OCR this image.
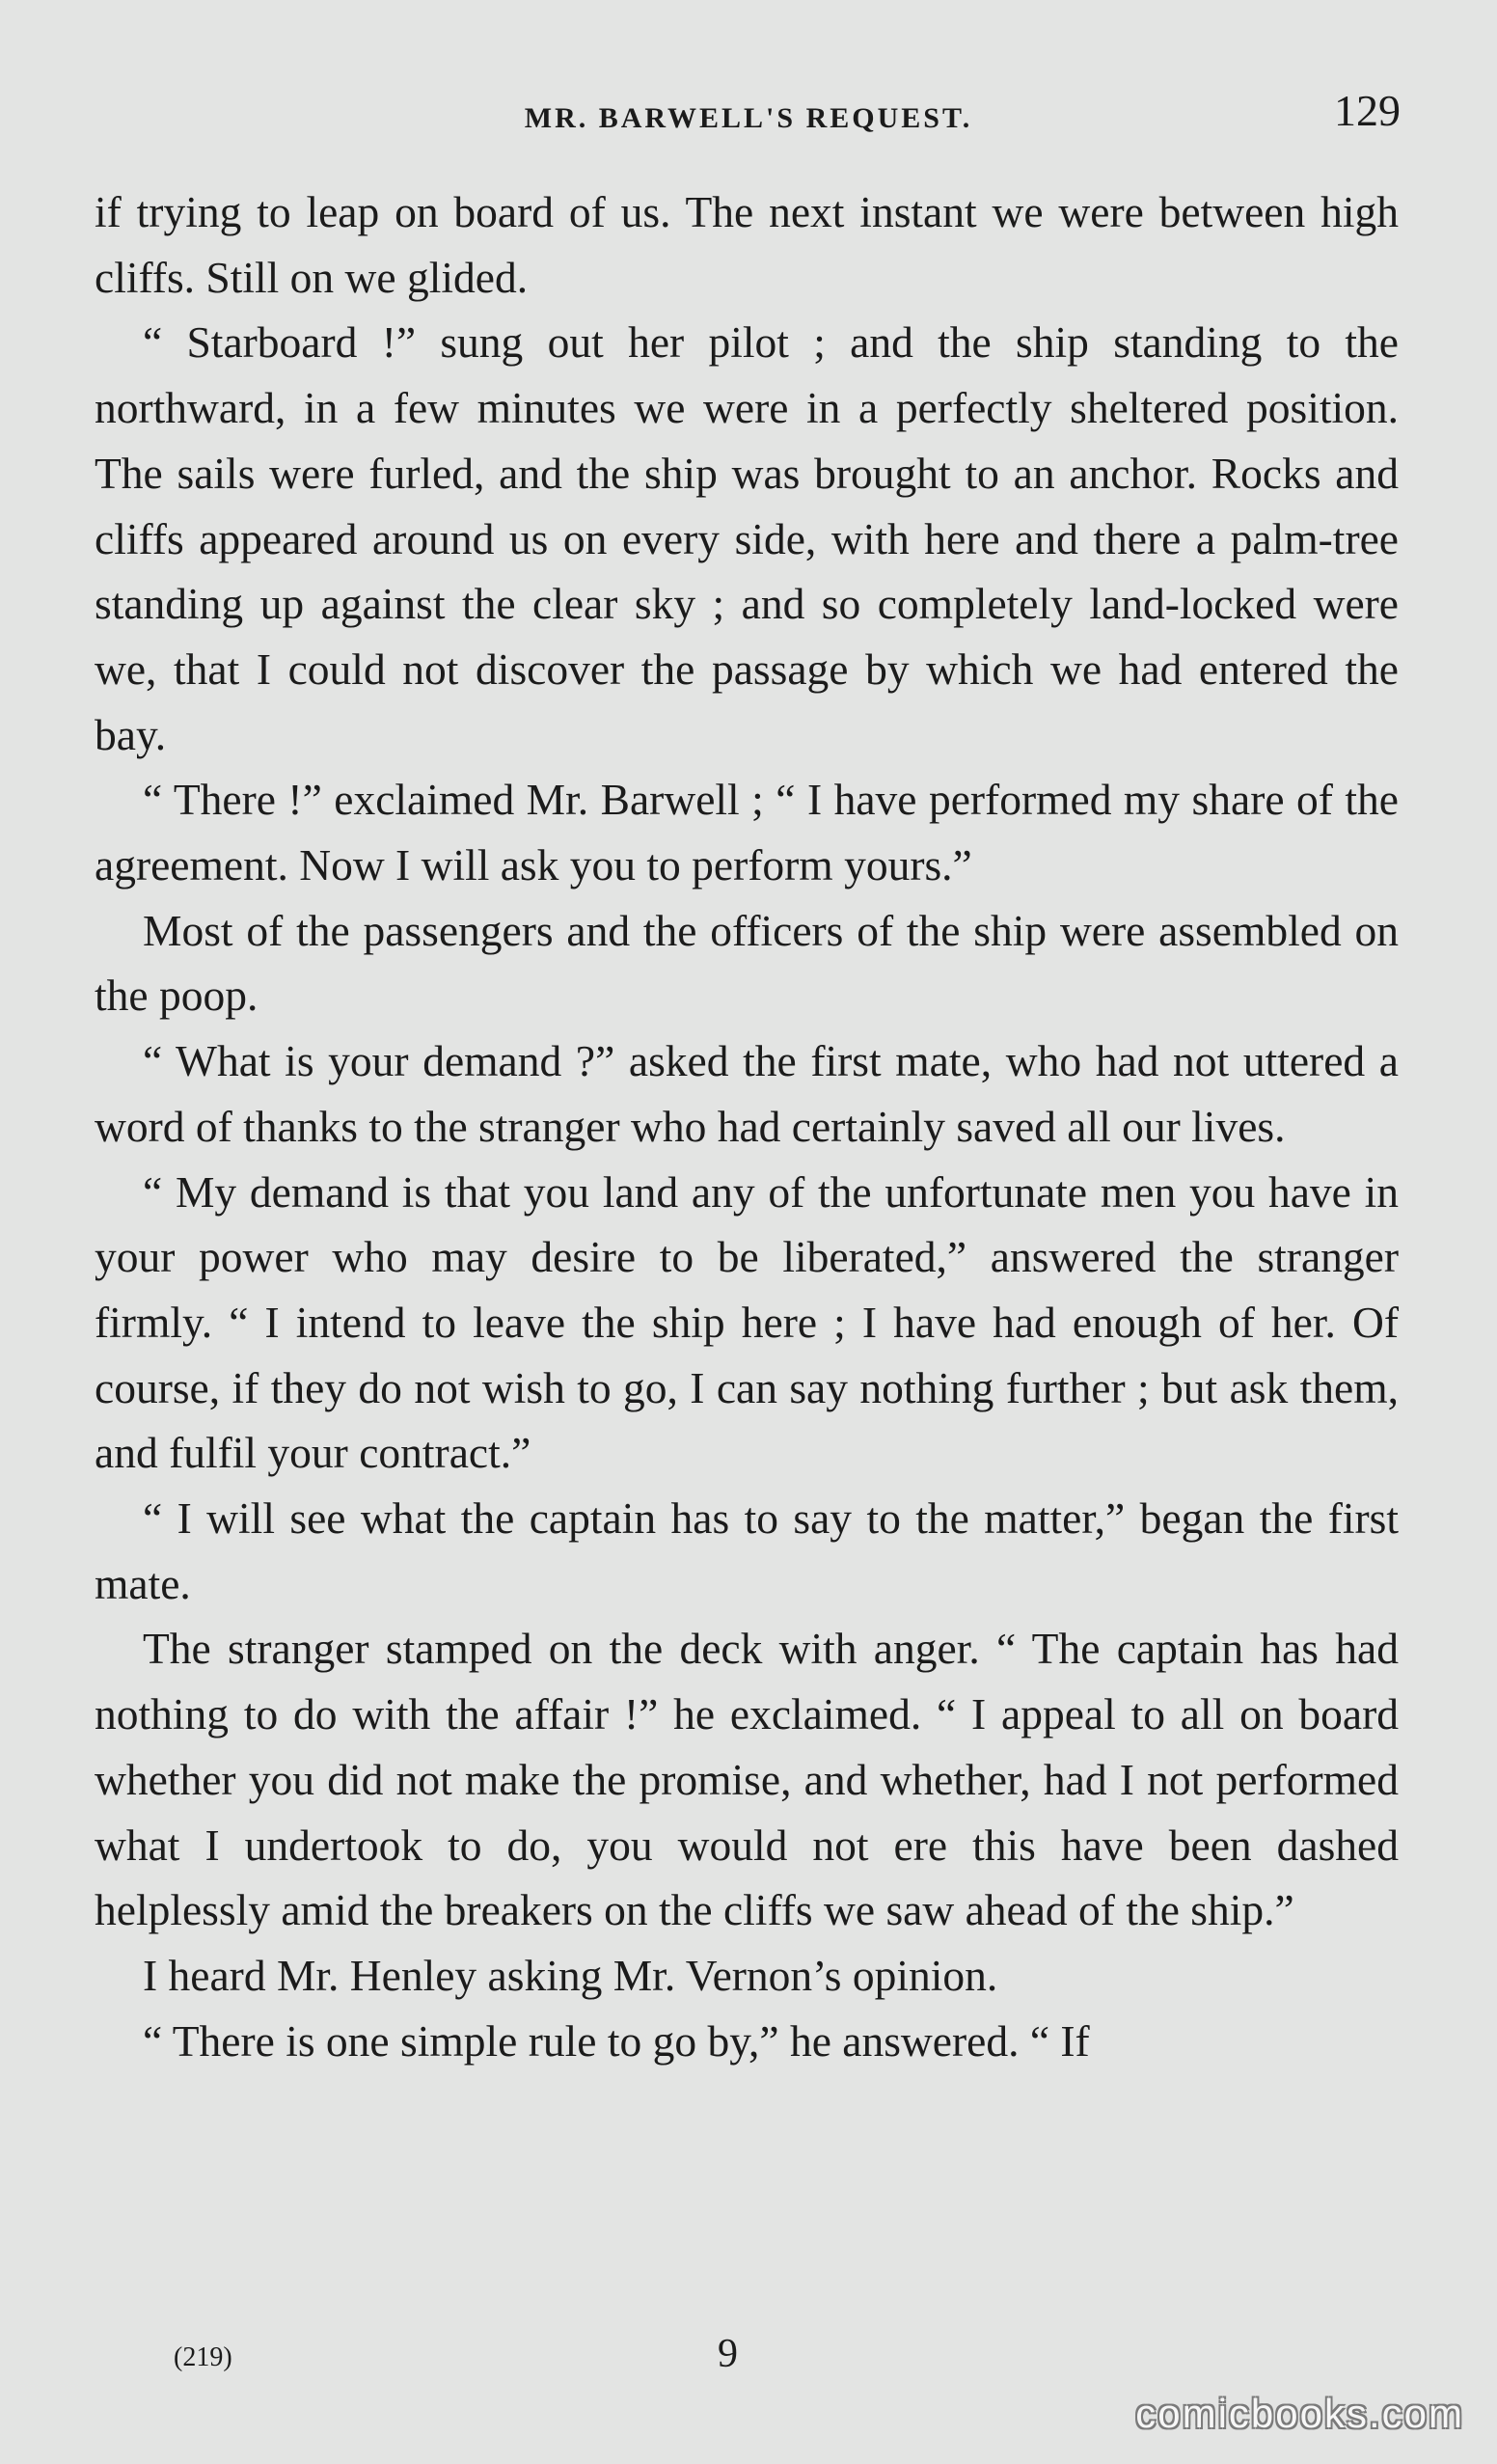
MR. BARWELL'S REQUEST.	129

if trying to leap on board of us. The next instant we were between high cliffs. Still on we glided.

“ Starboard !” sung out her pilot ; and the ship standing to the northward, in a few minutes we were in a perfectly sheltered position. The sails were furled, and the ship was brought to an anchor. Rocks and cliffs appeared around us on every side, with here and there a palm-tree standing up against the clear sky ; and so completely land-locked were we, that I could not discover the passage by which we had entered the bay.

“ There !” exclaimed Mr. Barwell ; “ I have performed my share of the agreement. Now I will ask you to perform yours.”

Most of the passengers and the officers of the ship were assembled on the poop.

“ What is your demand ?” asked the first mate, who had not uttered a word of thanks to the stranger who had certainly saved all our lives.

“ My demand is that you land any of the unfortunate men you have in your power who may desire to be liberated,” answered the stranger firmly. “ I intend to leave the ship here ; I have had enough of her. Of course, if they do not wish to go, I can say nothing further ; but ask them, and fulfil your contract.”

“ I will see what the captain has to say to the matter,” began the first mate.

The stranger stamped on the deck with anger. “ The captain has had nothing to do with the affair !” he exclaimed. “ I appeal to all on board whether you did not make the promise, and whether, had I not performed what I undertook to do, you would not ere this have been dashed helplessly amid the breakers on the cliffs we saw ahead of the ship.”

I heard Mr. Henley asking Mr. Vernon’s opinion.

“ There is one simple rule to go by,” he answered. “ If

(219)	9
comicbooks.com
